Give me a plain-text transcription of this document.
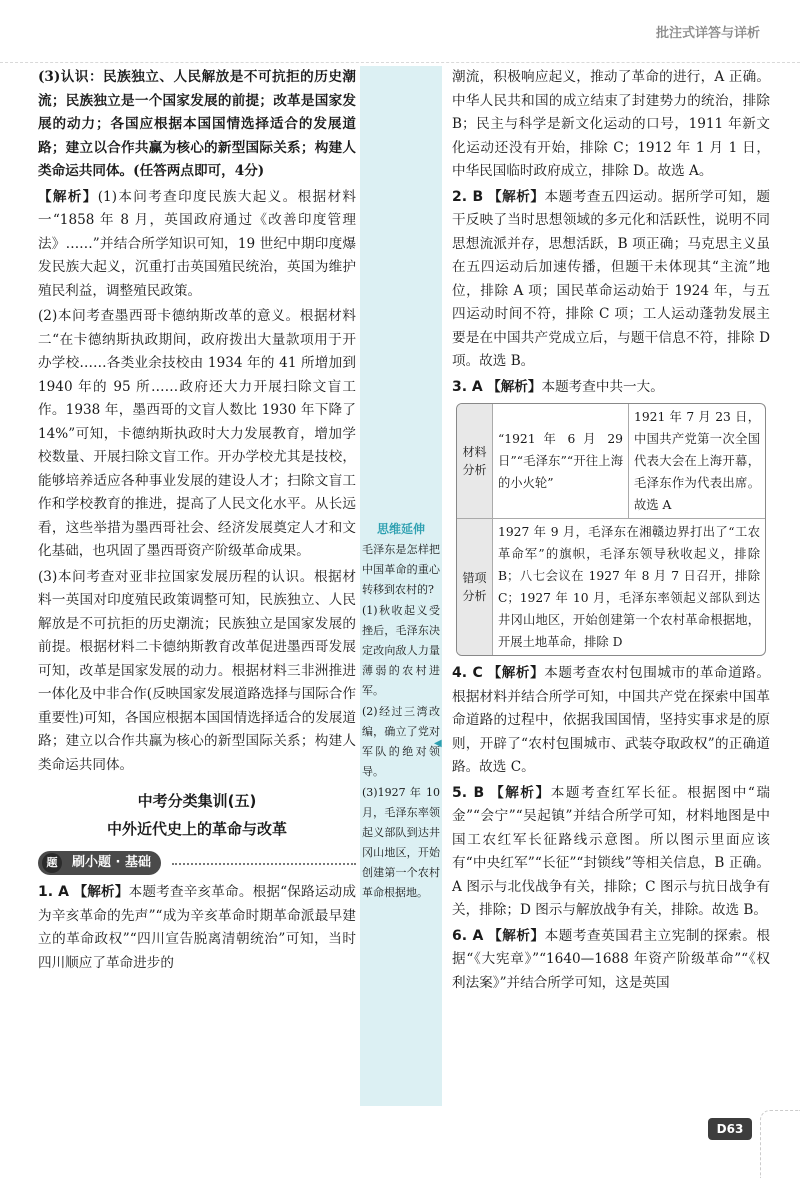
批注式详答与详析

(3)认识：民族独立、人民解放是不可抗拒的历史潮流；民族独立是一个国家发展的前提；改革是国家发展的动力；各国应根据本国国情选择适合的发展道路；建立以合作共赢为核心的新型国际关系；构建人类命运共同体。(任答两点即可，4分)

【解析】(1)本问考查印度民族大起义。根据材料一“1858 年 8 月，英国政府通过《改善印度管理法》……”并结合所学知识可知，19 世纪中期印度爆发民族大起义，沉重打击英国殖民统治，英国为维护殖民利益，调整殖民政策。

(2)本问考查墨西哥卡德纳斯改革的意义。根据材料二“在卡德纳斯执政期间，政府拨出大量款项用于开办学校……各类业余技校由 1934 年的 41 所增加到 1940 年的 95 所……政府还大力开展扫除文盲工作。1938 年，墨西哥的文盲人数比 1930 年下降了 14%”可知，卡德纳斯执政时大力发展教育，增加学校数量、开展扫除文盲工作。开办学校尤其是技校，能够培养适应各种事业发展的建设人才；扫除文盲工作和学校教育的推进，提高了人民文化水平。从长远看，这些举措为墨西哥社会、经济发展奠定人才和文化基础，也巩固了墨西哥资产阶级革命成果。

(3)本问考查对亚非拉国家发展历程的认识。根据材料一英国对印度殖民政策调整可知，民族独立、人民解放是不可抗拒的历史潮流；民族独立是国家发展的前提。根据材料二卡德纳斯教育改革促进墨西哥发展可知，改革是国家发展的动力。根据材料三非洲推进一体化及中非合作(反映国家发展道路选择与国际合作重要性)可知，各国应根据本国国情选择适合的发展道路；建立以合作共赢为核心的新型国际关系；构建人类命运共同体。

中考分类集训(五)
中外近代史上的革命与改革
题	刷小题 · 基础

1. A 【解析】本题考查辛亥革命。根据“保路运动成为辛亥革命的先声”“成为辛亥革命时期革命派最早建立的革命政权”“四川宣告脱离清朝统治”可知，当时四川顺应了革命进步的

思维延伸

毛泽东是怎样把中国革命的重心转移到农村的?

(1)秋收起义受挫后，毛泽东决定改向敌人力量薄弱的农村进军。

(2)经过三湾改编，确立了党对军队的绝对领导。

(3)1927 年 10 月，毛泽东率领起义部队到达井冈山地区，开始创建第一个农村革命根据地。

◀

潮流，积极响应起义，推动了革命的进行，A 正确。中华人民共和国的成立结束了封建势力的统治，排除 B；民主与科学是新文化运动的口号，1911 年新文化运动还没有开始，排除 C；1912 年 1 月 1 日，中华民国临时政府成立，排除 D。故选 A。

2. B 【解析】本题考查五四运动。据所学可知，题干反映了当时思想领域的多元化和活跃性，说明不同思想流派并存，思想活跃，B 项正确；马克思主义虽在五四运动后加速传播，但题干未体现其“主流”地位，排除 A 项；国民革命运动始于 1924 年，与五四运动时间不符，排除 C 项；工人运动蓬勃发展主要是在中国共产党成立后，与题干信息不符，排除 D 项。故选 B。

3. A 【解析】本题考查中共一大。

材料分析	“1921 年 6 月 29 日”“毛泽东”“开往上海的小火轮”	1921 年 7 月 23 日，中国共产党第一次全国代表大会在上海开幕，毛泽东作为代表出席。故选 A
错项分析	1927 年 9 月，毛泽东在湘赣边界打出了“工农革命军”的旗帜，毛泽东领导秋收起义，排除 B；八七会议在 1927 年 8 月 7 日召开，排除 C；1927 年 10 月，毛泽东率领起义部队到达井冈山地区，开始创建第一个农村革命根据地，开展土地革命，排除 D	

4. C 【解析】本题考查农村包围城市的革命道路。根据材料并结合所学可知，中国共产党在探索中国革命道路的过程中，依据我国国情，坚持实事求是的原则，开辟了“农村包围城市、武装夺取政权”的正确道路。故选 C。

5. B 【解析】本题考查红军长征。根据图中“瑞金”“会宁”“吴起镇”并结合所学可知，材料地图是中国工农红军长征路线示意图。所以图示里面应该有“中央红军”“长征”“封锁线”等相关信息，B 正确。A 图示与北伐战争有关，排除；C 图示与抗日战争有关，排除；D 图示与解放战争有关，排除。故选 B。

6. A 【解析】本题考查英国君主立宪制的探索。根据“《大宪章》”“1640—1688 年资产阶级革命”“《权利法案》”并结合所学可知，这是英国

D63
